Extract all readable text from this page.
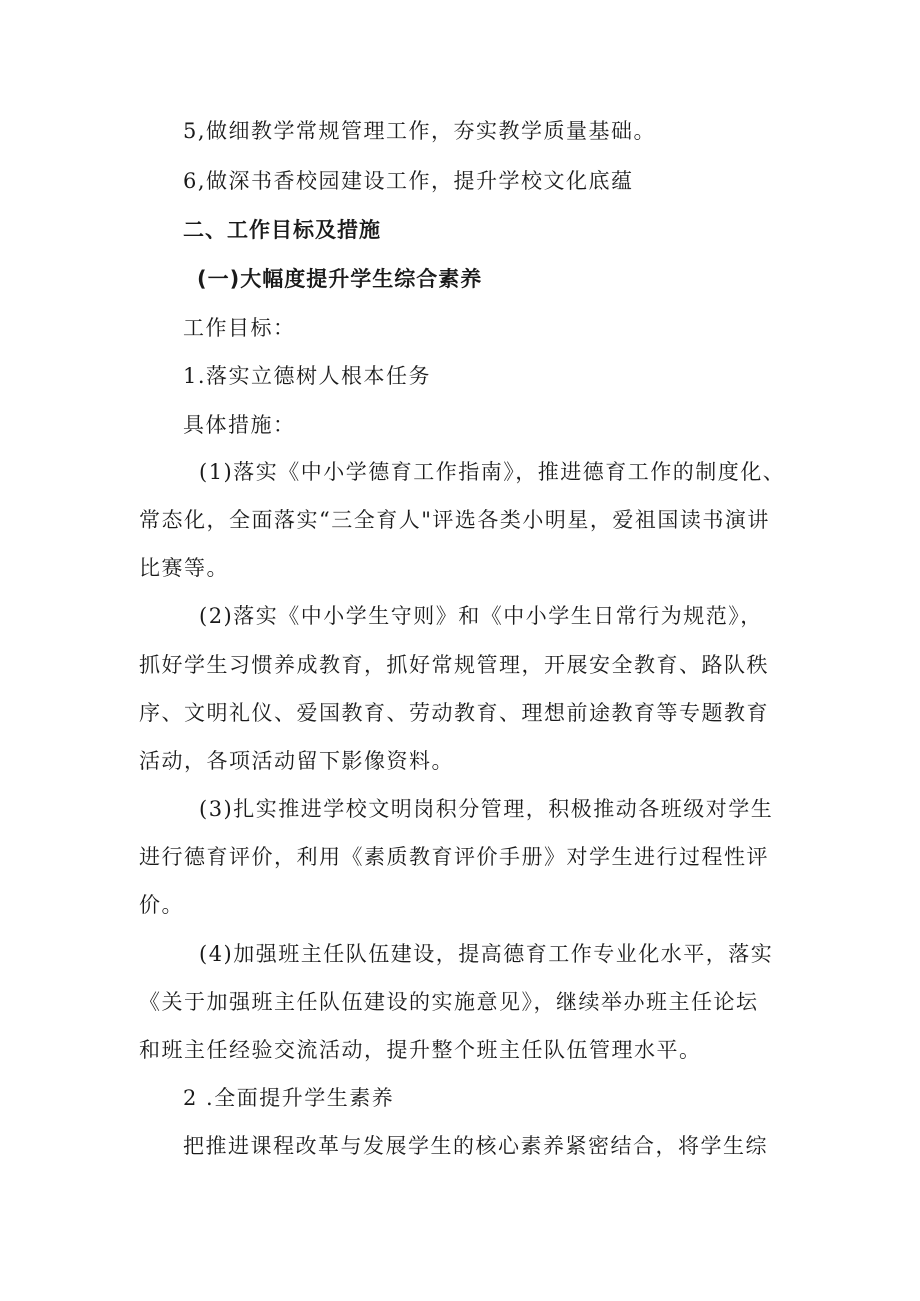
5,做细教学常规管理工作，夯实教学质量基础。

6,做深书香校园建设工作，提升学校文化底蕴

二、工作目标及措施

(一)大幅度提升学生综合素养

工作目标：

1.落实立德树人根本任务

具体措施：

(1)落实《中小学德育工作指南》，推进德育工作的制度化、

常态化，全面落实“三全育人"评选各类小明星，爱祖国读书演讲

比赛等。

(2)落实《中小学生守则》和《中小学生日常行为规范》，

抓好学生习惯养成教育，抓好常规管理，开展安全教育、路队秩

序、文明礼仪、爱国教育、劳动教育、理想前途教育等专题教育

活动，各项活动留下影像资料。

(3)扎实推进学校文明岗积分管理，积极推动各班级对学生

进行德育评价，利用《素质教育评价手册》对学生进行过程性评

价。

(4)加强班主任队伍建设，提高德育工作专业化水平，落实

《关于加强班主任队伍建设的实施意见》，继续举办班主任论坛

和班主任经验交流活动，提升整个班主任队伍管理水平。

2 .全面提升学生素养

把推进课程改革与发展学生的核心素养紧密结合，将学生综
